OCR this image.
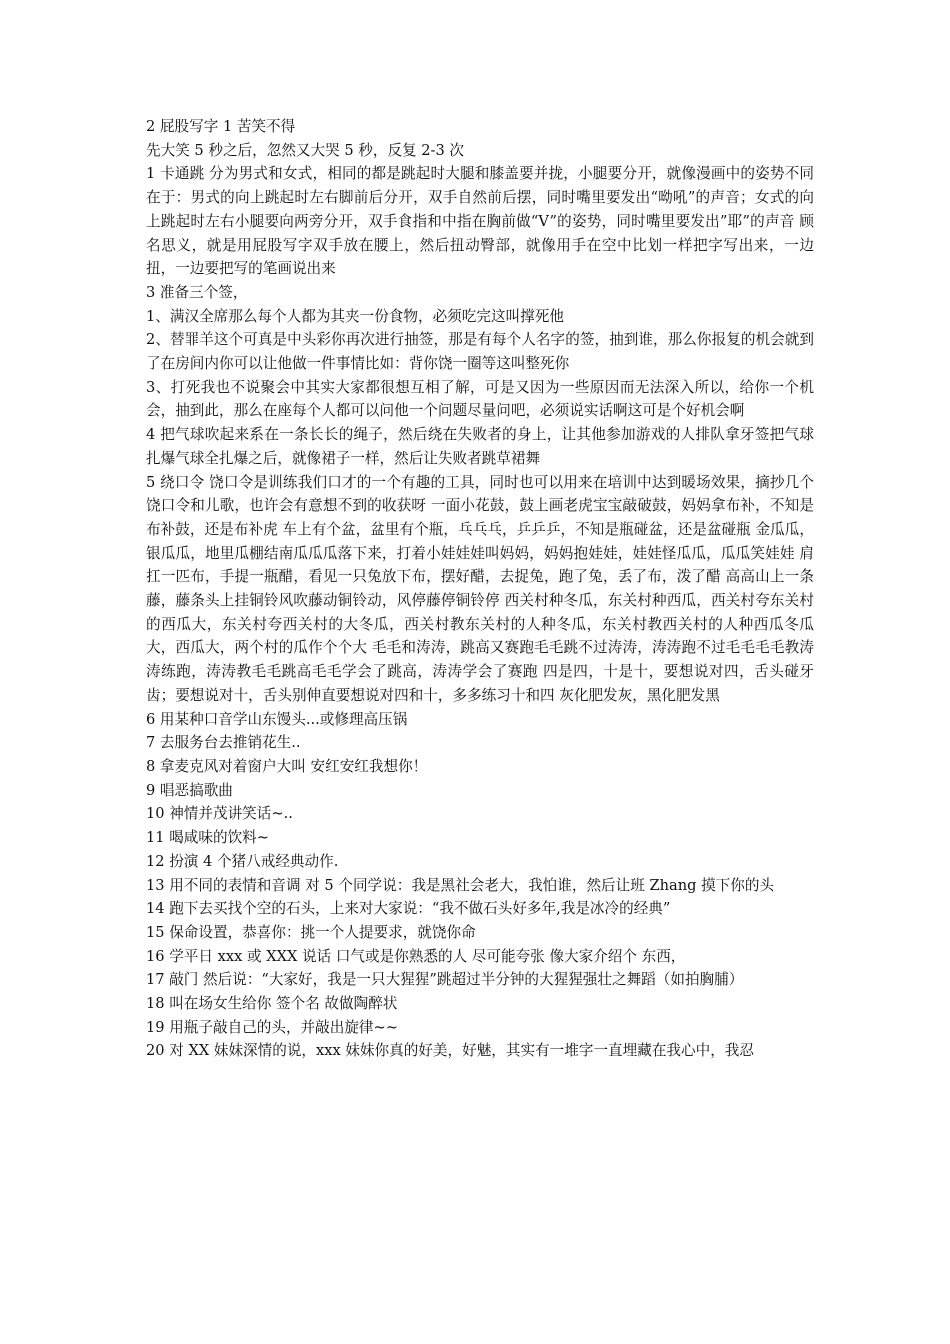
2 屁股写字 1 苦笑不得

先大笑 5 秒之后，忽然又大哭 5 秒，反复 2-3 次

1 卡通跳 分为男式和女式，相同的都是跳起时大腿和膝盖要并拢，小腿要分开，就像漫画中的姿势不同在于：男式的向上跳起时左右脚前后分开，双手自然前后摆，同时嘴里要发出“呦吼”的声音；女式的向上跳起时左右小腿要向两旁分开，双手食指和中指在胸前做“V”的姿势，同时嘴里要发出”耶”的声音 顾名思义，就是用屁股写字双手放在腰上，然后扭动臀部，就像用手在空中比划一样把字写出来，一边扭，一边要把写的笔画说出来

3 准备三个签，

1、满汉全席那么每个人都为其夹一份食物，必须吃完这叫撑死他

2、替罪羊这个可真是中头彩你再次进行抽签，那是有每个人名字的签，抽到谁，那么你报复的机会就到了在房间内你可以让他做一件事情比如：背你饶一圈等这叫整死你

3、打死我也不说聚会中其实大家都很想互相了解，可是又因为一些原因而无法深入所以，给你一个机会，抽到此，那么在座每个人都可以问他一个问题尽量问吧，必须说实话啊这可是个好机会啊

4 把气球吹起来系在一条长长的绳子，然后绕在失败者的身上，让其他参加游戏的人排队拿牙签把气球扎爆气球全扎爆之后，就像裙子一样，然后让失败者跳草裙舞

5 绕口令 饶口令是训练我们口才的一个有趣的工具，同时也可以用来在培训中达到暖场效果，摘抄几个饶口令和儿歌，也许会有意想不到的收获呀 一面小花鼓，鼓上画老虎宝宝敲破鼓，妈妈拿布补，不知是布补鼓，还是布补虎 车上有个盆，盆里有个瓶，乓乓乓，乒乒乒，不知是瓶碰盆，还是盆碰瓶 金瓜瓜，银瓜瓜，地里瓜棚结南瓜瓜瓜落下来，打着小娃娃娃叫妈妈，妈妈抱娃娃，娃娃怪瓜瓜，瓜瓜笑娃娃 肩扛一匹布，手提一瓶醋，看见一只兔放下布，摆好醋，去捉兔，跑了兔，丢了布，泼了醋 高高山上一条藤，藤条头上挂铜铃风吹藤动铜铃动，风停藤停铜铃停 西关村种冬瓜，东关村种西瓜，西关村夸东关村的西瓜大，东关村夸西关村的大冬瓜，西关村教东关村的人种冬瓜，东关村教西关村的人种西瓜冬瓜大，西瓜大，两个村的瓜作个个大 毛毛和涛涛，跳高又赛跑毛毛跳不过涛涛，涛涛跑不过毛毛毛毛教涛涛练跑，涛涛教毛毛跳高毛毛学会了跳高，涛涛学会了赛跑 四是四，十是十，要想说对四，舌头碰牙齿；要想说对十，舌头别伸直要想说对四和十，多多练习十和四 灰化肥发灰，黑化肥发黑

6 用某种口音学山东馒头...或修理高压锅

7 去服务台去推销花生..

8 拿麦克风对着窗户大叫 安红安红我想你！

9 唱恶搞歌曲

10 神情并茂讲笑话~..

11 喝咸味的饮料~

12 扮演 4 个猪八戒经典动作.

13 用不同的表情和音调 对 5 个同学说：我是黑社会老大，我怕谁，然后让班 Zhang 摸下你的头

14 跑下去买找个空的石头，上来对大家说：“我不做石头好多年,我是冰冷的经典”

15 保命设置，恭喜你：挑一个人提要求，就饶你命

16 学平日 xxx 或 XXX 说话 口气或是你熟悉的人 尽可能夸张 像大家介绍个 东西，

17 敲门 然后说：“大家好，我是一只大猩猩”跳超过半分钟的大猩猩强壮之舞蹈（如拍胸脯）

18 叫在场女生给你 签个名 故做陶醉状

19 用瓶子敲自己的头，并敲出旋律~~

20 对 XX 妹妹深情的说，xxx 妹妹你真的好美，好魅，其实有一堆字一直埋藏在我心中，我忍
